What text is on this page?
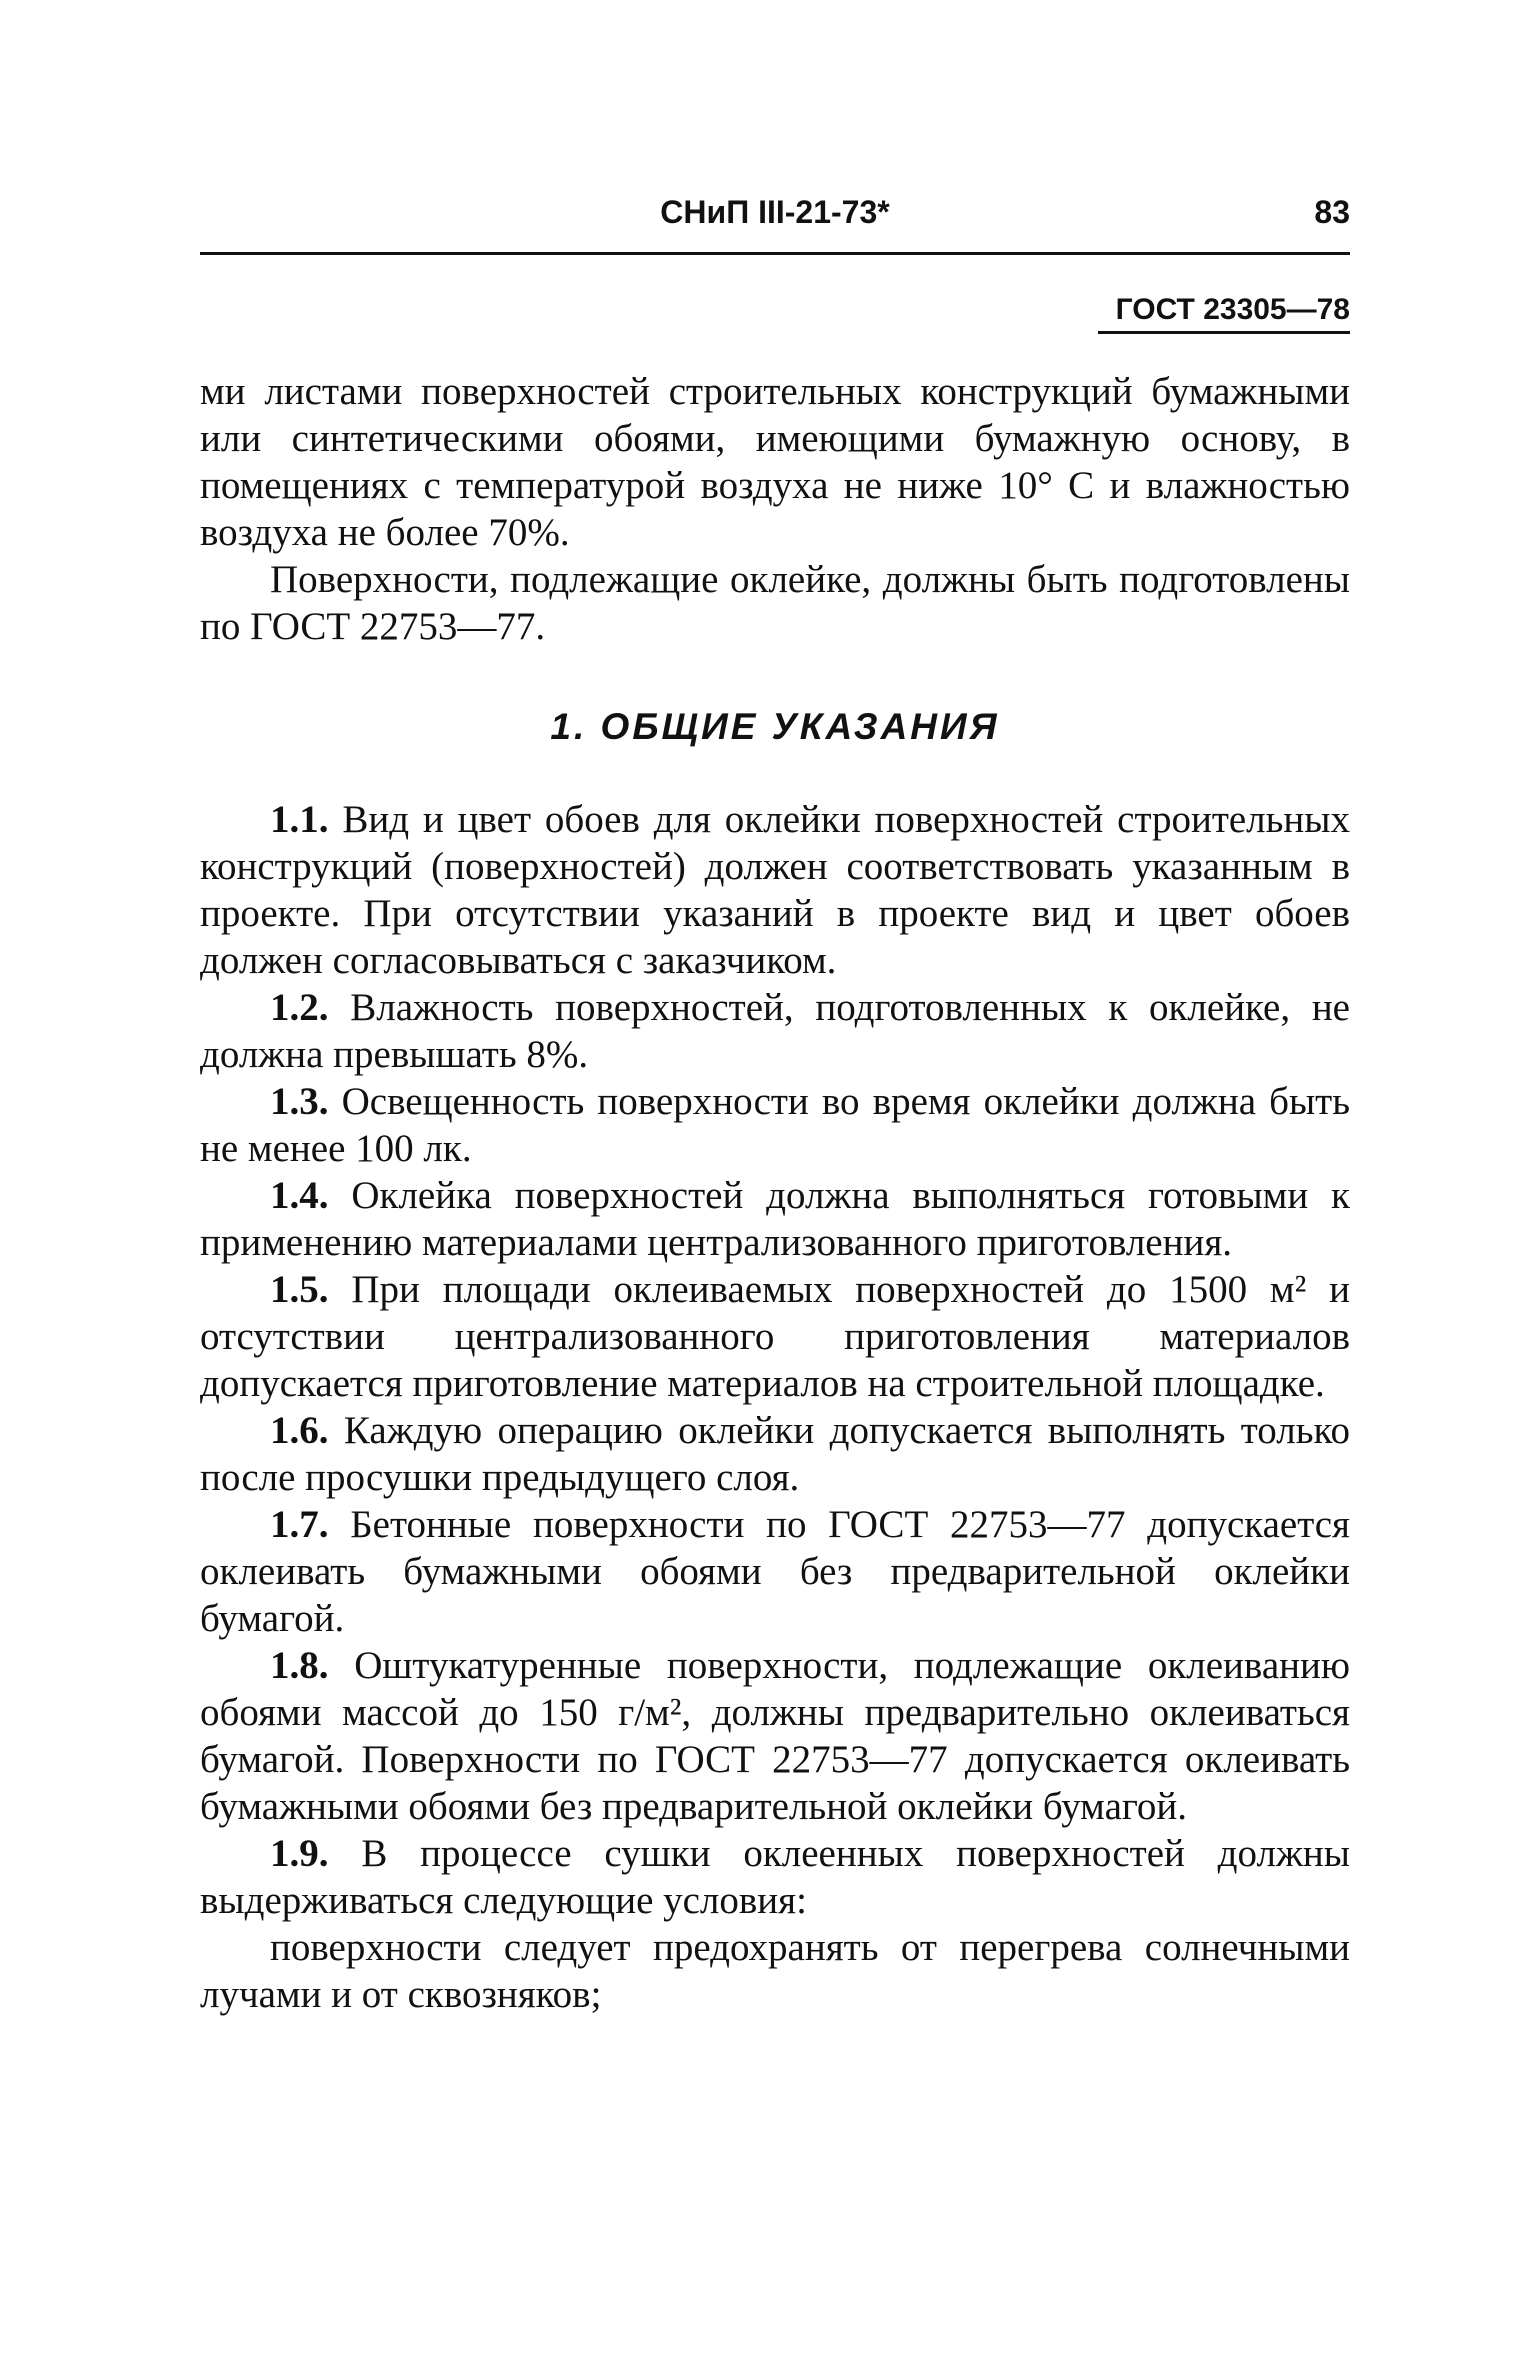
СНиП III-21-73*	83
ГОСТ 23305—78

ми листами поверхностей строительных конструкций бумажными или синтетическими обоями, имеющими бумажную основу, в помещениях с температурой воздуха не ниже 10° С и влажностью воздуха не более 70%.

Поверхности, подлежащие оклейке, должны быть подготовлены по ГОСТ 22753—77.

1. ОБЩИЕ УКАЗАНИЯ

1.1. Вид и цвет обоев для оклейки поверхностей строительных конструкций (поверхностей) должен соответствовать указанным в проекте. При отсутствии указаний в проекте вид и цвет обоев должен согласовываться с заказчиком.

1.2. Влажность поверхностей, подготовленных к оклейке, не должна превышать 8%.

1.3. Освещенность поверхности во время оклейки должна быть не менее 100 лк.

1.4. Оклейка поверхностей должна выполняться готовыми к применению материалами централизованного приготовления.

1.5. При площади оклеиваемых поверхностей до 1500 м² и отсутствии централизованного приготовления материалов допускается приготовление материалов на строительной площадке.

1.6. Каждую операцию оклейки допускается выполнять только после просушки предыдущего слоя.

1.7. Бетонные поверхности по ГОСТ 22753—77 допускается оклеивать бумажными обоями без предварительной оклейки бумагой.

1.8. Оштукатуренные поверхности, подлежащие оклеиванию обоями массой до 150 г/м², должны предварительно оклеиваться бумагой. Поверхности по ГОСТ 22753—77 допускается оклеивать бумажными обоями без предварительной оклейки бумагой.

1.9. В процессе сушки оклеенных поверхностей должны выдерживаться следующие условия:

поверхности следует предохранять от перегрева солнечными лучами и от сквозняков;
